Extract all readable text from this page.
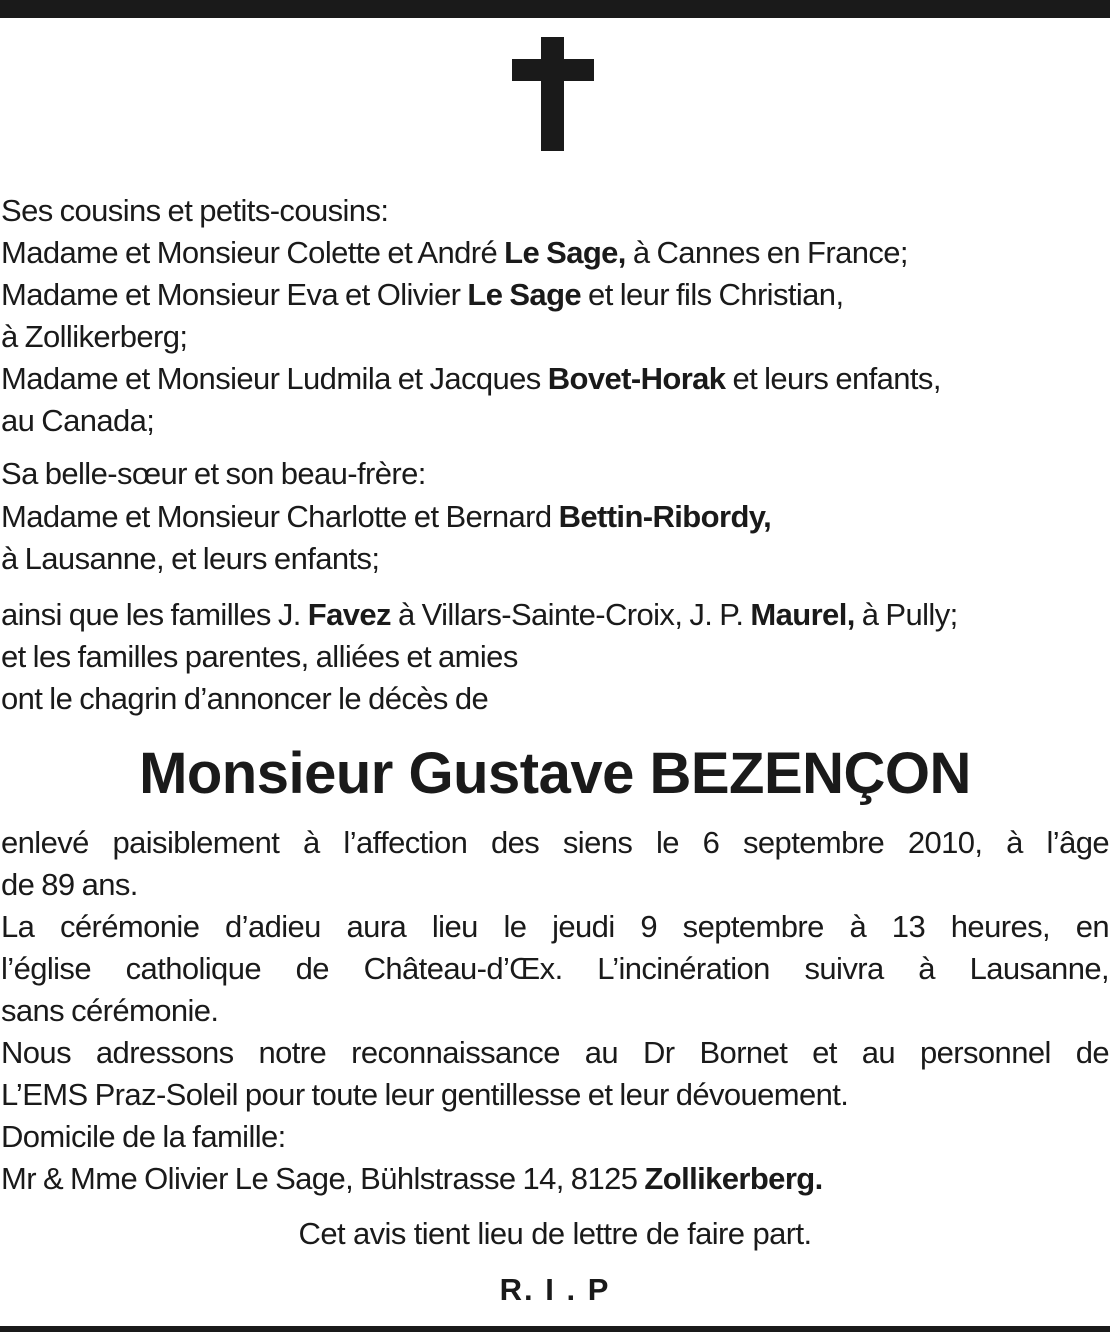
Ses cousins et petits-cousins:
Madame et Monsieur Colette et André Le Sage, à Cannes en France;
Madame et Monsieur Eva et Olivier Le Sage et leur fils Christian,
à Zollikerberg;
Madame et Monsieur Ludmila et Jacques Bovet-Horak et leurs enfants,
au Canada;
Sa belle-sœur et son beau-frère:
Madame et Monsieur Charlotte et Bernard Bettin-Ribordy,
à Lausanne, et leurs enfants;
ainsi que les familles J. Favez à Villars-Sainte-Croix, J. P. Maurel, à Pully;
et les familles parentes, alliées et amies
ont le chagrin d’annoncer le décès de
Monsieur Gustave BEZENÇON
enlevé paisiblement à l’affection des siens le 6 septembre 2010, à l’âge
de 89 ans.
La cérémonie d’adieu aura lieu le jeudi 9 septembre à 13 heures, en
l’église catholique de Château-d’Œx. L’incinération suivra à Lausanne,
sans cérémonie.
Nous adressons notre reconnaissance au Dr Bornet et au personnel de
L’EMS Praz-Soleil pour toute leur gentillesse et leur dévouement.
Domicile de la famille:
Mr & Mme Olivier Le Sage, Bühlstrasse 14, 8125 Zollikerberg.
Cet avis tient lieu de lettre de faire part.
R. I . P
